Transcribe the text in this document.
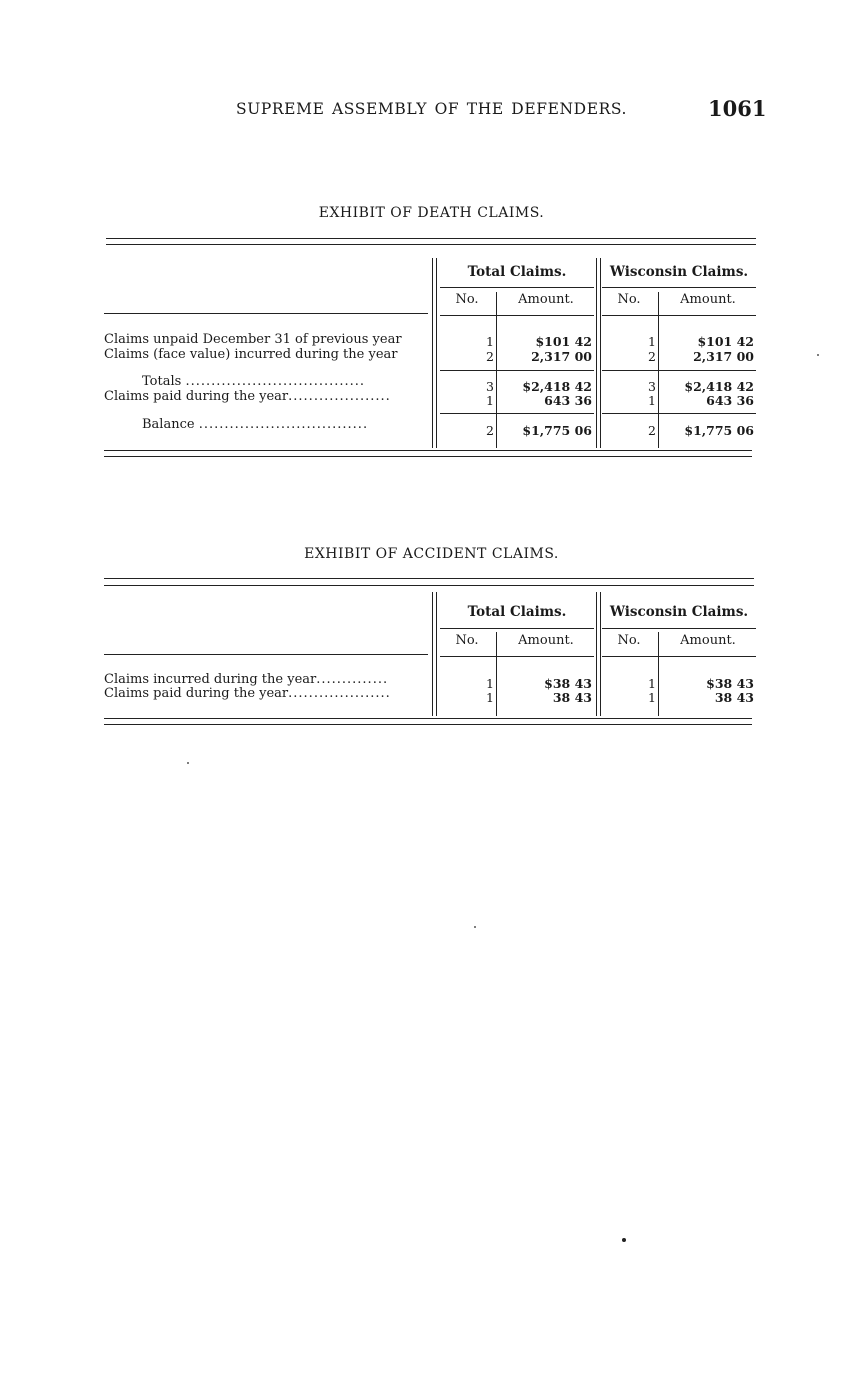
SUPREME ASSEMBLY OF THE DEFENDERS.	1061
EXHIBIT OF DEATH CLAIMS.
Total Claims.	Wisconsin Claims.
No.	Amount.	No.	Amount.
Claims unpaid December 31 of previous year	1	$101 42	1	$101 42
Claims (face value) incurred during the year	2	2,317 00	2	2,317 00
Totals ...................................	3	$2,418 42	3	$2,418 42
Claims paid during the year....................	1	643 36	1	643 36
Balance .................................	2	$1,775 06	2	$1,775 06
EXHIBIT OF ACCIDENT CLAIMS.
Total Claims.	Wisconsin Claims.
No.	Amount.	No.	Amount.
Claims incurred during the year..............	1	$38 43	1	$38 43
Claims paid during the year....................	1	38 43	1	38 43
